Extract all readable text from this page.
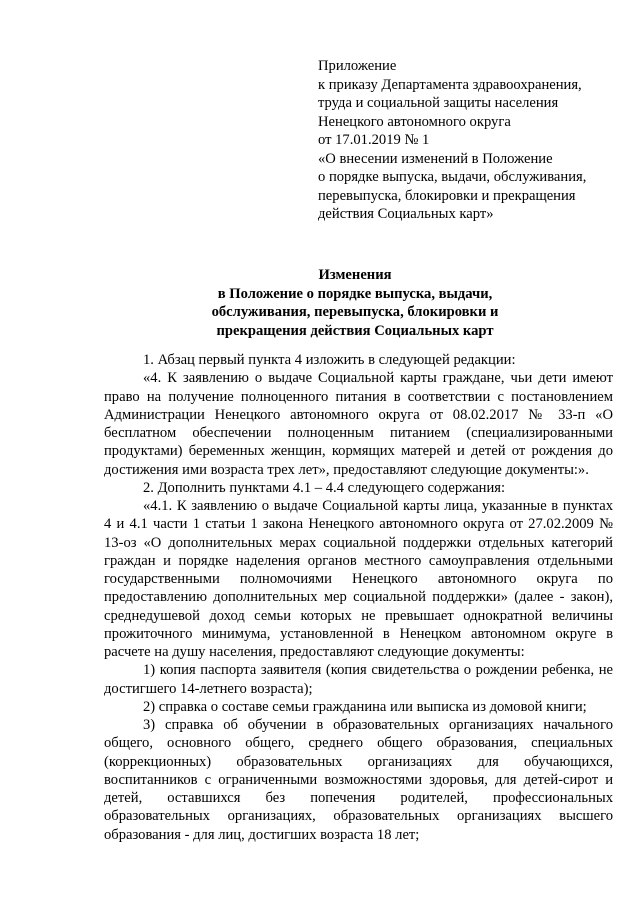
Приложение
к приказу Департамента здравоохранения,
труда и социальной защиты населения
Ненецкого автономного округа
от 17.01.2019 № 1
«О внесении изменений в Положение
о порядке выпуска, выдачи, обслуживания,
перевыпуска, блокировки и прекращения
действия Социальных карт»
Изменения
в Положение о порядке выпуска, выдачи,
обслуживания, перевыпуска, блокировки и
прекращения действия Социальных карт

1. Абзац первый пункта 4 изложить в следующей редакции:

«4. К заявлению о выдаче Социальной карты граждане, чьи дети имеют право на получение полноценного питания в соответствии с постановлением Администрации Ненецкого автономного округа от 08.02.2017 № 33-п «О бесплатном обеспечении полноценным питанием (специализированными продуктами) беременных женщин, кормящих матерей и детей от рождения до достижения ими возраста трех лет», предоставляют следующие документы:».

2. Дополнить пунктами 4.1 – 4.4 следующего содержания:

«4.1. К заявлению о выдаче Социальной карты лица, указанные в пунктах 4 и 4.1 части 1 статьи 1 закона Ненецкого автономного округа от 27.02.2009 № 13-оз «О дополнительных мерах социальной поддержки отдельных категорий граждан и порядке наделения органов местного самоуправления отдельными государственными полномочиями Ненецкого автономного округа по предоставлению дополнительных мер социальной поддержки» (далее - закон), среднедушевой доход семьи которых не превышает однократной величины прожиточного минимума, установленной в Ненецком автономном округе в расчете на душу населения, предоставляют следующие документы:

1) копия паспорта заявителя (копия свидетельства о рождении ребенка, не достигшего 14-летнего возраста);

2) справка о составе семьи гражданина или выписка из домовой книги;

3) справка об обучении в образовательных организациях начального общего, основного общего, среднего общего образования, специальных (коррекционных) образовательных организациях для обучающихся, воспитанников с ограниченными возможностями здоровья, для детей-сирот и детей, оставшихся без попечения родителей, профессиональных образовательных организациях, образовательных организациях высшего образования - для лиц, достигших возраста 18 лет;
